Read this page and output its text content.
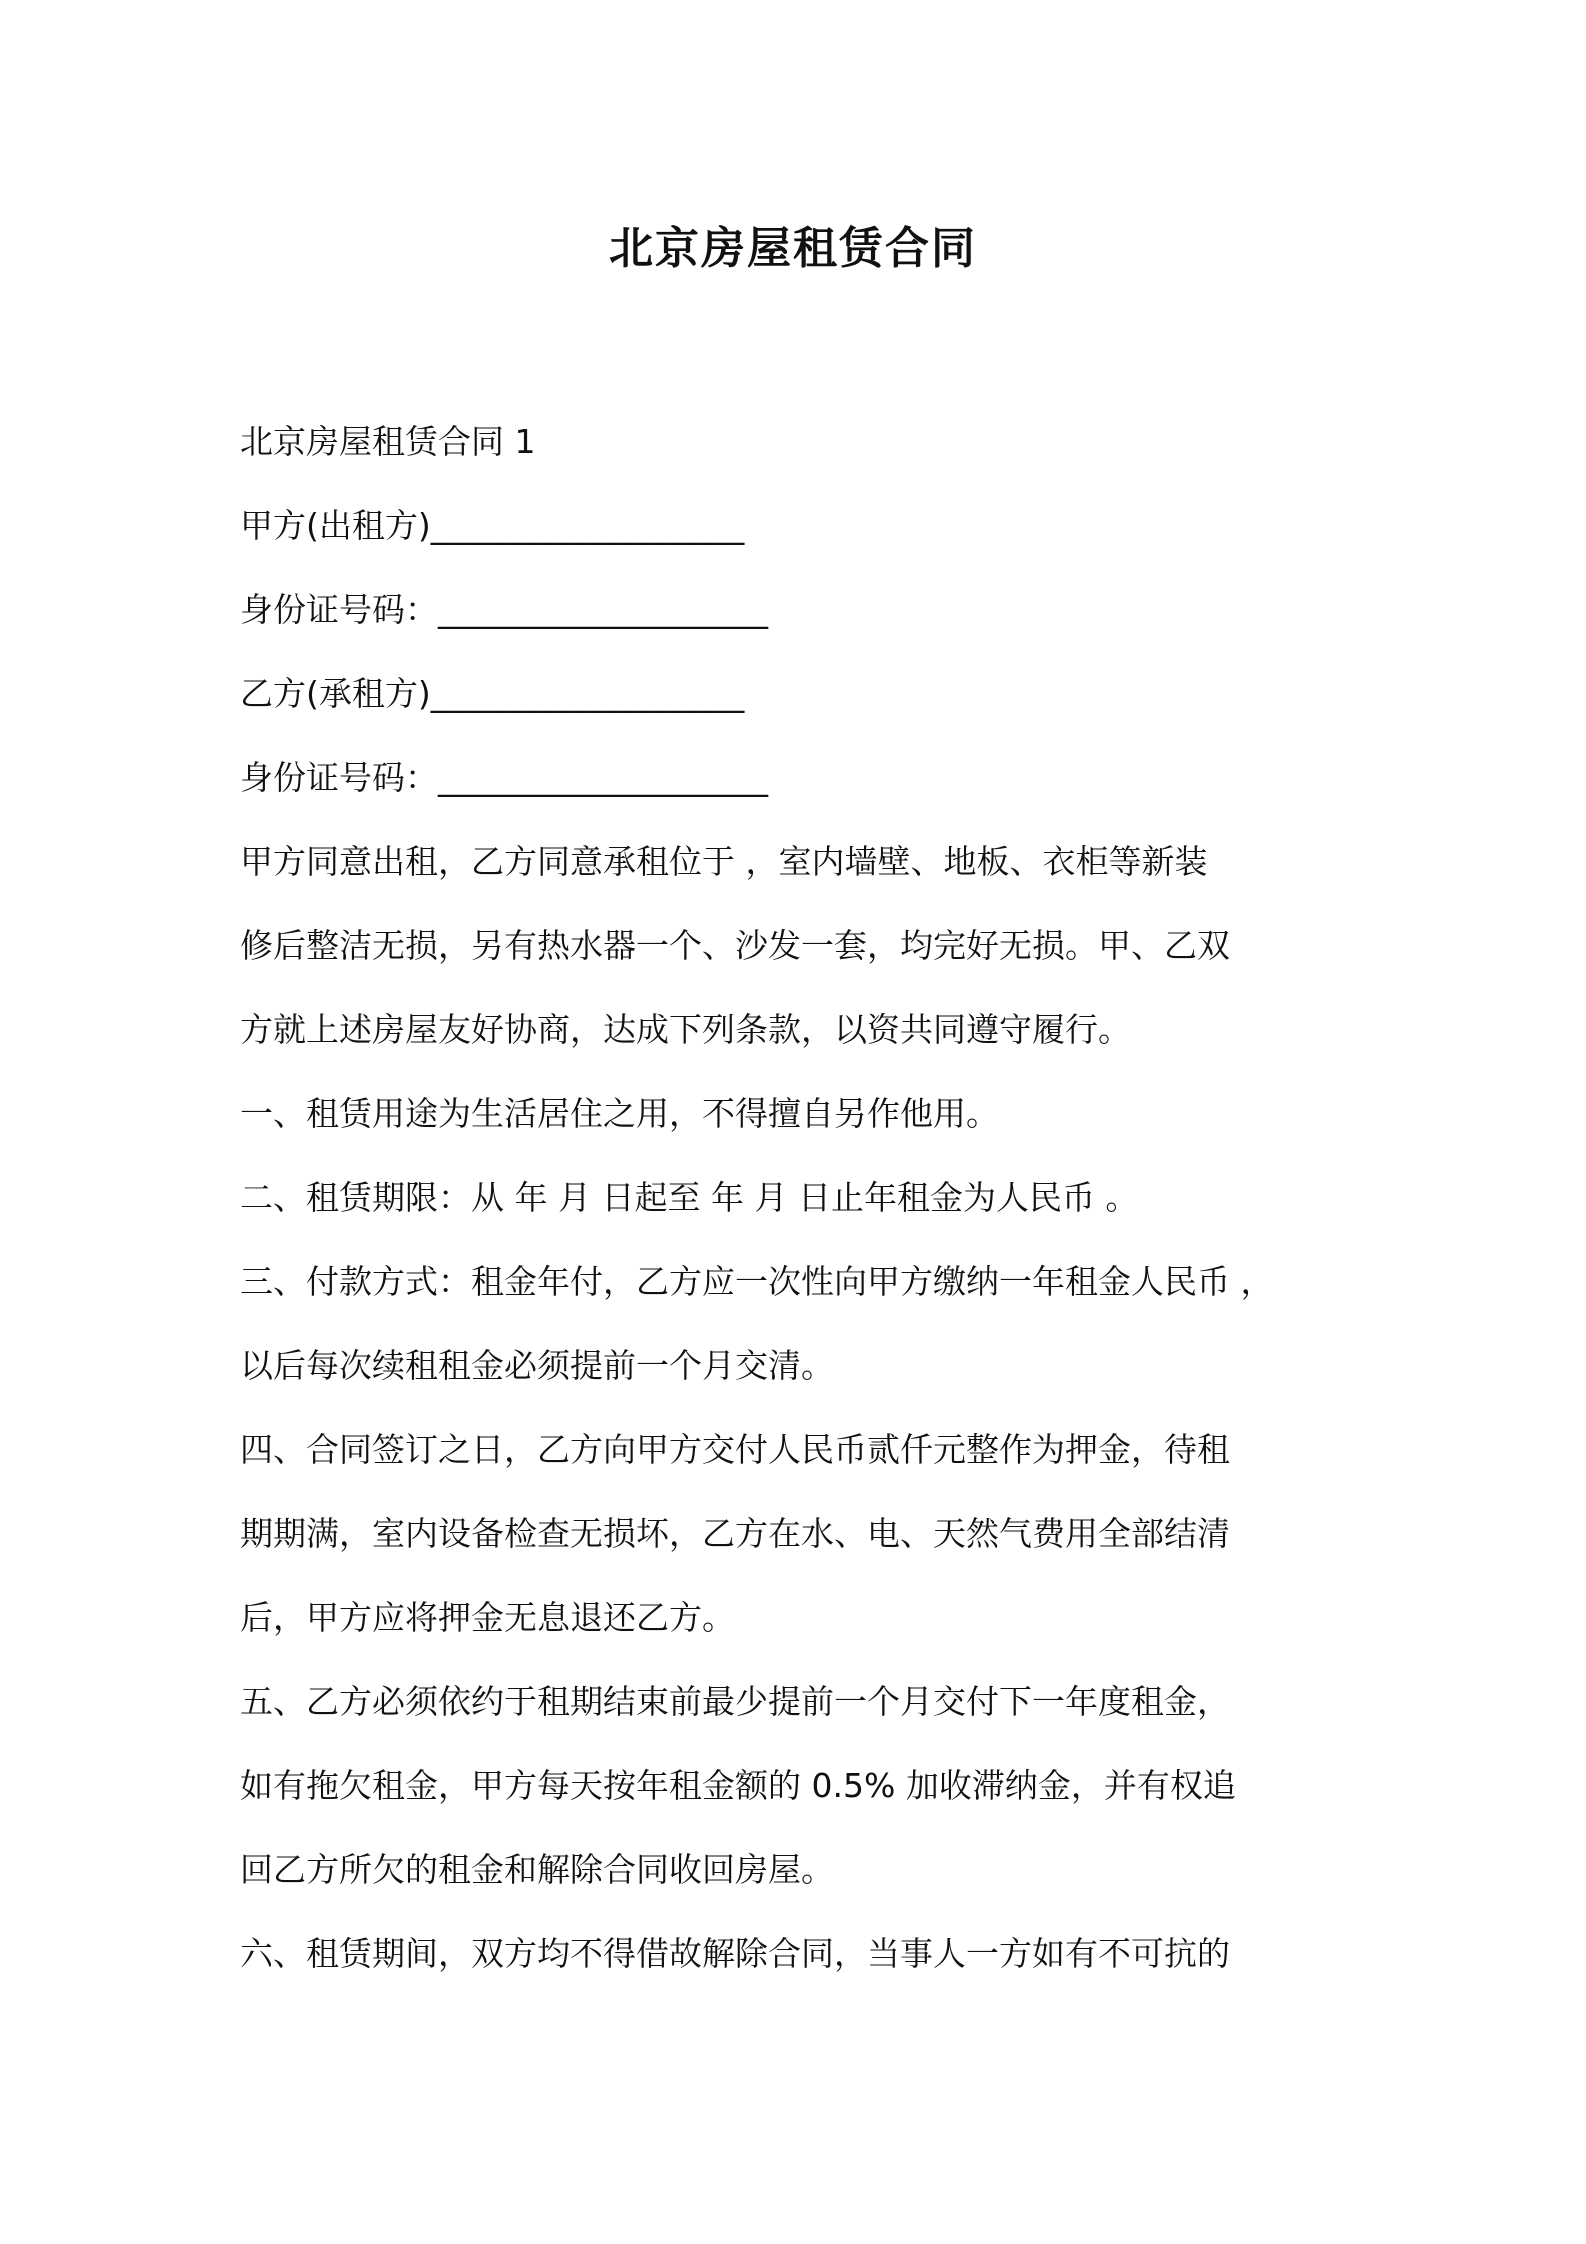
北京房屋租赁合同
北京房屋租赁合同 1
甲方(出租方)___________________
身份证号码：____________________
乙方(承租方)___________________
身份证号码：____________________
甲方同意出租，乙方同意承租位于 ，室内墙壁、地板、衣柜等新装
修后整洁无损，另有热水器一个、沙发一套，均完好无损。甲、乙双
方就上述房屋友好协商，达成下列条款，以资共同遵守履行。
一、租赁用途为生活居住之用，不得擅自另作他用。
二、租赁期限：从 年 月 日起至 年 月 日止年租金为人民币 。
三、付款方式：租金年付，乙方应一次性向甲方缴纳一年租金人民币 ，
以后每次续租租金必须提前一个月交清。
四、合同签订之日，乙方向甲方交付人民币贰仟元整作为押金，待租
期期满，室内设备检查无损坏，乙方在水、电、天然气费用全部结清
后，甲方应将押金无息退还乙方。
五、乙方必须依约于租期结束前最少提前一个月交付下一年度租金，
如有拖欠租金，甲方每天按年租金额的 0.5% 加收滞纳金，并有权追
回乙方所欠的租金和解除合同收回房屋。
六、租赁期间，双方均不得借故解除合同，当事人一方如有不可抗的
